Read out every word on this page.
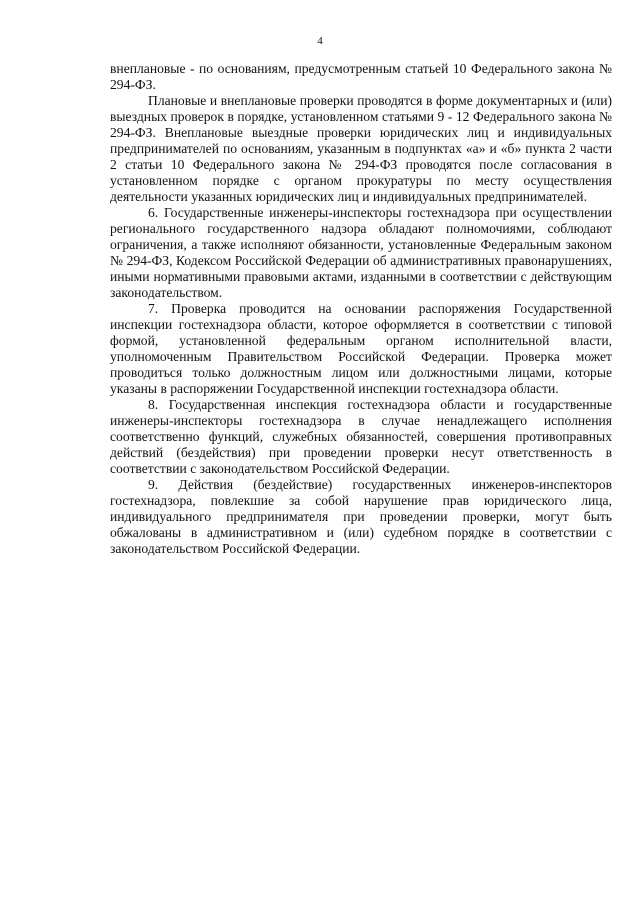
4

внеплановые - по основаниям, предусмотренным статьей 10 Федерального закона № 294-ФЗ.

Плановые и внеплановые проверки проводятся в форме документарных и (или) выездных проверок в порядке, установленном статьями 9 - 12 Федерального закона № 294-ФЗ. Внеплановые выездные проверки юридических лиц и индивидуальных предпринимателей по основаниям, указанным в подпунктах «а» и «б» пункта 2 части 2 статьи 10 Федерального закона № 294-ФЗ проводятся после согласования в установленном порядке с органом прокуратуры по месту осуществления деятельности указанных юридических лиц и индивидуальных предпринимателей.

6. Государственные инженеры-инспекторы гостехнадзора при осуществлении регионального государственного надзора обладают полномочиями, соблюдают ограничения, а также исполняют обязанности, установленные Федеральным законом № 294-ФЗ, Кодексом Российской Федерации об административных правонарушениях, иными нормативными правовыми актами, изданными в соответствии с действующим законодательством.

7. Проверка проводится на основании распоряжения Государственной инспекции гостехнадзора области, которое оформляется в соответствии с типовой формой, установленной федеральным органом исполнительной власти, уполномоченным Правительством Российской Федерации. Проверка может проводиться только должностным лицом или должностными лицами, которые указаны в распоряжении Государственной инспекции гостехнадзора области.

8. Государственная инспекция гостехнадзора области и государственные инженеры-инспекторы гостехнадзора в случае ненадлежащего исполнения соответственно функций, служебных обязанностей, совершения противоправных действий (бездействия) при проведении проверки несут ответственность в соответствии с законодательством Российской Федерации.

9. Действия (бездействие) государственных инженеров-инспекторов гостехнадзора, повлекшие за собой нарушение прав юридического лица, индивидуального предпринимателя при проведении проверки, могут быть обжалованы в административном и (или) судебном порядке в соответствии с законодательством Российской Федерации.
